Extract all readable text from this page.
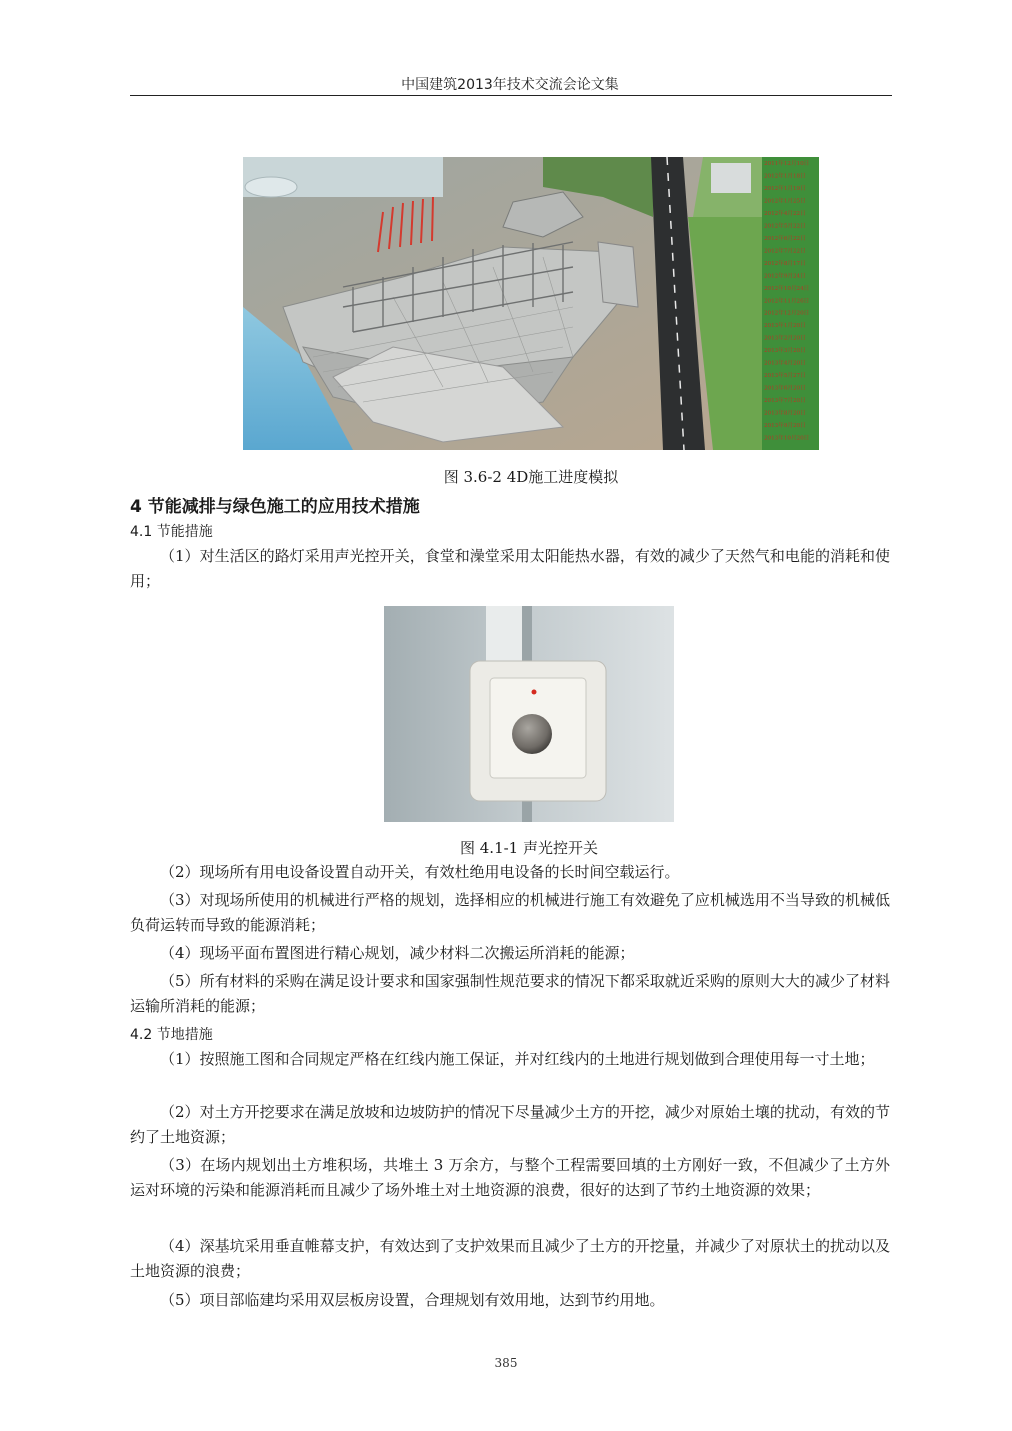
中国建筑2013年技术交流会论文集
2011年12月10日
2012年1月18日
2012年1月19日
2012年1月25日
2012年4月22日
2012年5月22日
2012年6月22日
2012年7月22日
2012年8月17日
2012年9月24日
2012年10月24日
2012年11月26日
2012年12月20日
2013年1月20日
2013年2月20日
2013年3月20日
2013年4月20日
2013年5月27日
2013年6月20日
2013年7月20日
2013年8月20日
2013年9月20日
2013年10月20日
图 3.6-2 4D施工进度模拟
4 节能减排与绿色施工的应用技术措施
4.1 节能措施
（1）对生活区的路灯采用声光控开关，食堂和澡堂采用太阳能热水器，有效的减少了天然气和电能的消耗和使用；
图 4.1-1 声光控开关
（2）现场所有用电设备设置自动开关，有效杜绝用电设备的长时间空载运行。
（3）对现场所使用的机械进行严格的规划，选择相应的机械进行施工有效避免了应机械选用不当导致的机械低负荷运转而导致的能源消耗；
（4）现场平面布置图进行精心规划，减少材料二次搬运所消耗的能源；
（5）所有材料的采购在满足设计要求和国家强制性规范要求的情况下都采取就近采购的原则大大的减少了材料运输所消耗的能源；
4.2 节地措施
（1）按照施工图和合同规定严格在红线内施工保证，并对红线内的土地进行规划做到合理使用每一寸土地；
（2）对土方开挖要求在满足放坡和边坡防护的情况下尽量减少土方的开挖，减少对原始土壤的扰动，有效的节约了土地资源；
（3）在场内规划出土方堆积场，共堆土 3 万余方，与整个工程需要回填的土方刚好一致，不但减少了土方外运对环境的污染和能源消耗而且减少了场外堆土对土地资源的浪费，很好的达到了节约土地资源的效果；
（4）深基坑采用垂直帷幕支护，有效达到了支护效果而且减少了土方的开挖量，并减少了对原状土的扰动以及土地资源的浪费；
（5）项目部临建均采用双层板房设置，合理规划有效用地，达到节约用地。
385
